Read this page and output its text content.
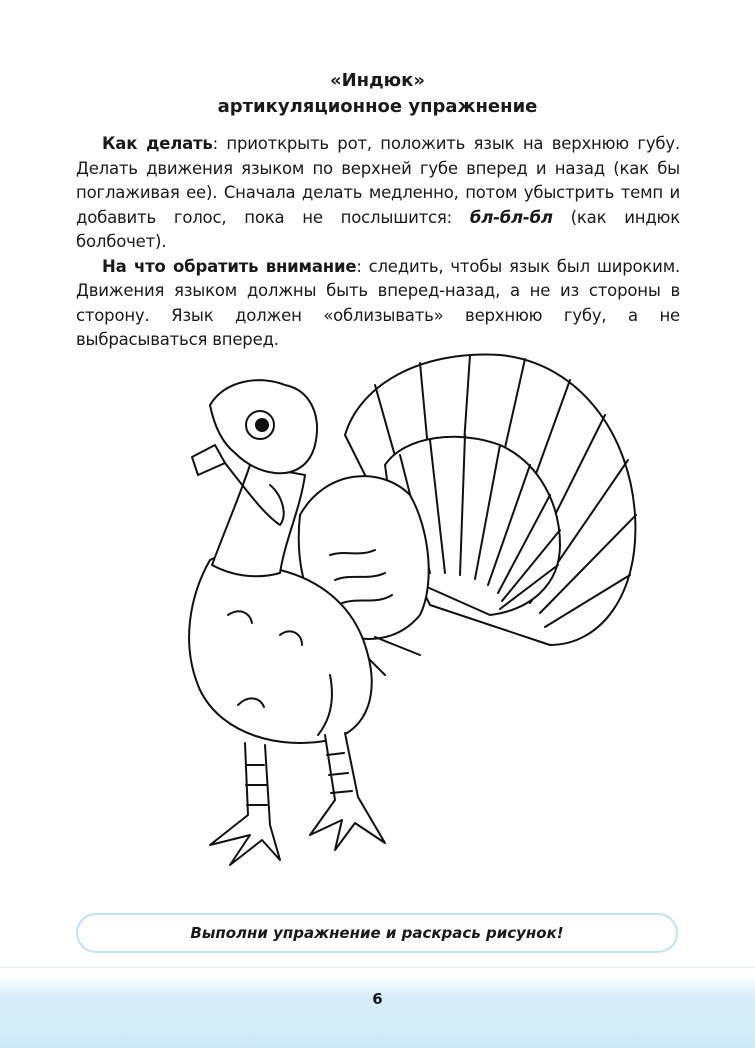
«Индюк»
артикуляционное упражнение

Как делать: приоткрыть рот, положить язык на верхнюю губу. Делать движения языком по верхней губе вперед и назад (как бы поглаживая ее). Сначала делать медленно, потом убыстрить темп и добавить голос, пока не послышится: бл-бл-бл (как индюк болбочет).

На что обратить внимание: следить, чтобы язык был широким. Движения языком должны быть вперед-назад, а не из стороны в сторону. Язык должен «облизывать» верхнюю губу, а не выбрасываться вперед.

Выполни упражнение и раскрась рисунок!
6
